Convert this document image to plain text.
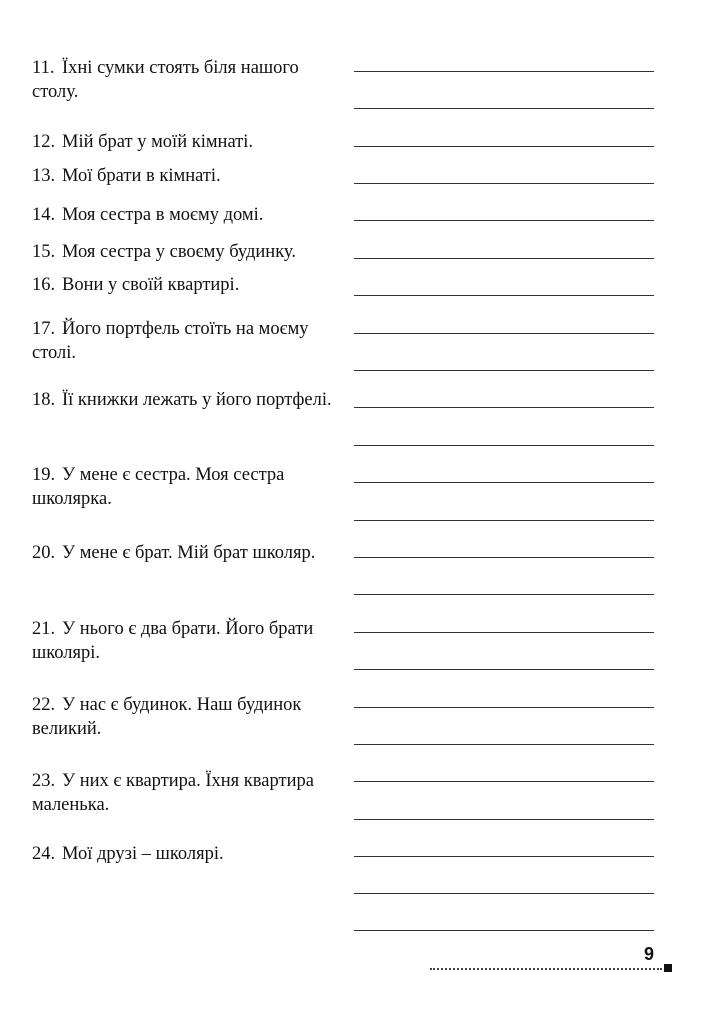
11. Їхні сумки стоять біля нашого столу.

12. Мій брат у моїй кімнаті.

13. Мої брати в кімнаті.

14. Моя сестра в моєму домі.

15. Моя сестра у своєму будинку.

16. Вони у своїй квартирі.

17. Його портфель стоїть на моєму столі.

18. Її книжки лежать у його портфелі.

19. У мене є сестра. Моя сестра школярка.

20. У мене є брат. Мій брат школяр.

21. У нього є два брати. Його брати школярі.

22. У нас є будинок. Наш будинок великий.

23. У них є квартира. Їхня квартира маленька.

24. Мої друзі – школярі.

9
